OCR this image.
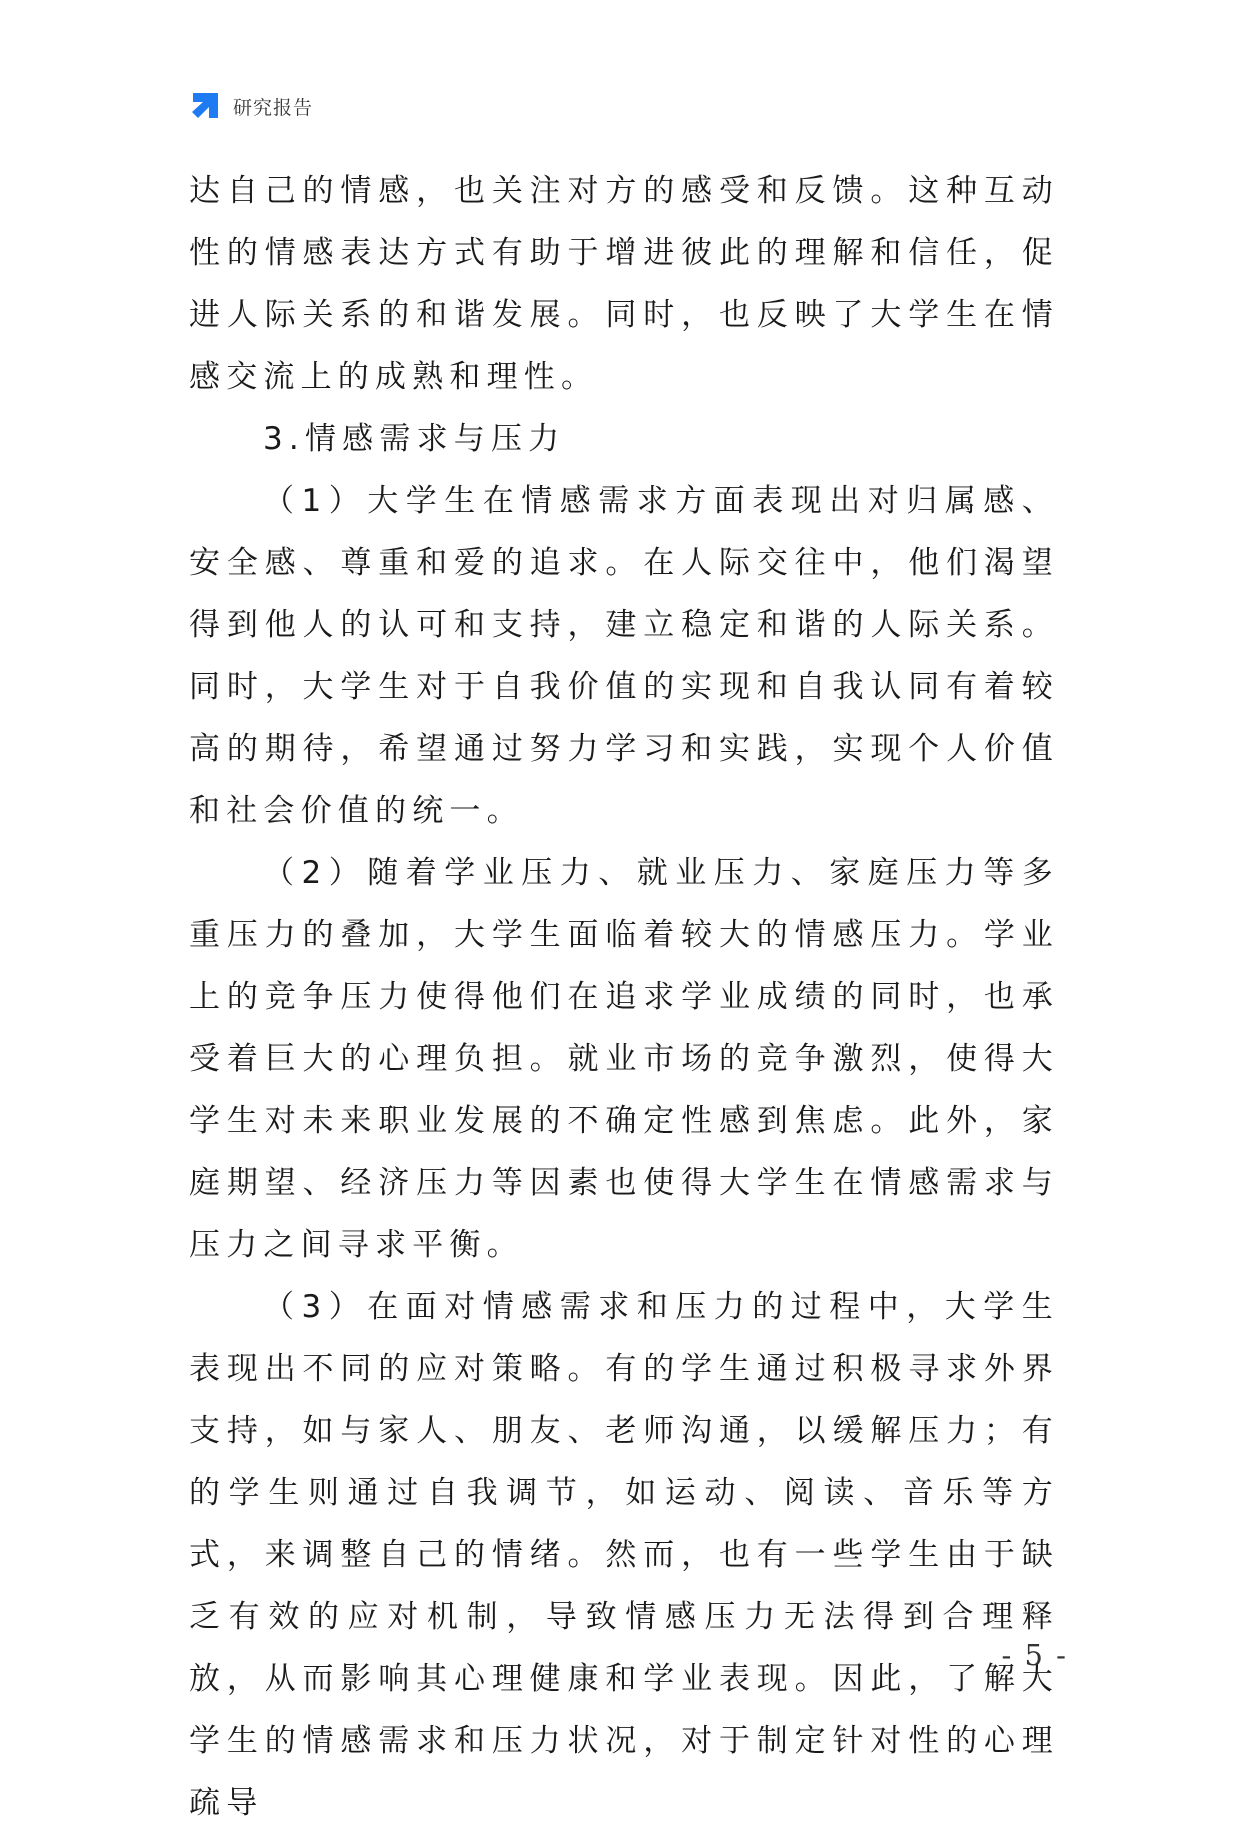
研究报告

达自己的情感，也关注对方的感受和反馈。这种互动性的情感表达方式有助于增进彼此的理解和信任，促进人际关系的和谐发展。同时，也反映了大学生在情感交流上的成熟和理性。

3.情感需求与压力

（1）大学生在情感需求方面表现出对归属感、安全感、尊重和爱的追求。在人际交往中，他们渴望得到他人的认可和支持，建立稳定和谐的人际关系。同时，大学生对于自我价值的实现和自我认同有着较高的期待，希望通过努力学习和实践，实现个人价值和社会价值的统一。

（2）随着学业压力、就业压力、家庭压力等多重压力的叠加，大学生面临着较大的情感压力。学业上的竞争压力使得他们在追求学业成绩的同时，也承受着巨大的心理负担。就业市场的竞争激烈，使得大学生对未来职业发展的不确定性感到焦虑。此外，家庭期望、经济压力等因素也使得大学生在情感需求与压力之间寻求平衡。

（3）在面对情感需求和压力的过程中，大学生表现出不同的应对策略。有的学生通过积极寻求外界支持，如与家人、朋友、老师沟通，以缓解压力；有的学生则通过自我调节，如运动、阅读、音乐等方式，来调整自己的情绪。然而，也有一些学生由于缺乏有效的应对机制，导致情感压力无法得到合理释放，从而影响其心理健康和学业表现。因此，了解大学生的情感需求和压力状况，对于制定针对性的心理疏导

- 5 -
